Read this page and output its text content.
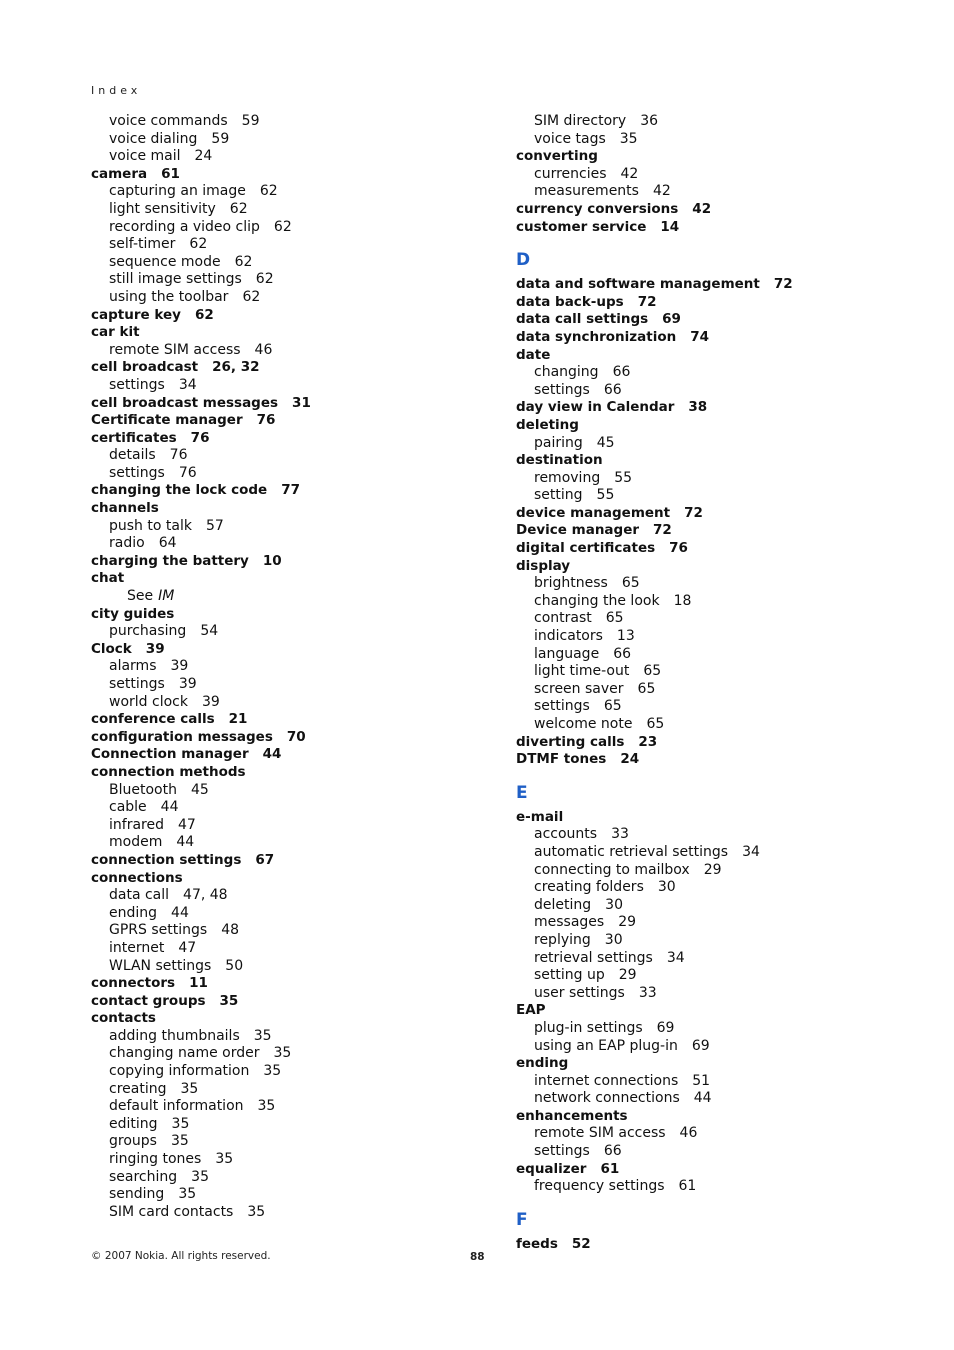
Index
voice commands 59
voice dialing 59
voice mail 24
camera 61
capturing an image 62
light sensitivity 62
recording a video clip 62
self-timer 62
sequence mode 62
still image settings 62
using the toolbar 62
capture key 62
car kit
remote SIM access 46
cell broadcast 26, 32
settings 34
cell broadcast messages 31
Certificate manager 76
certificates 76
details 76
settings 76
changing the lock code 77
channels
push to talk 57
radio 64
charging the battery 10
chat
See IM
city guides
purchasing 54
Clock 39
alarms 39
settings 39
world clock 39
conference calls 21
configuration messages 70
Connection manager 44
connection methods
Bluetooth 45
cable 44
infrared 47
modem 44
connection settings 67
connections
data call 47, 48
ending 44
GPRS settings 48
internet 47
WLAN settings 50
connectors 11
contact groups 35
contacts
adding thumbnails 35
changing name order 35
copying information 35
creating 35
default information 35
editing 35
groups 35
ringing tones 35
searching 35
sending 35
SIM card contacts 35
SIM directory 36
voice tags 35
converting
currencies 42
measurements 42
currency conversions 42
customer service 14
D
data and software management 72
data back-ups 72
data call settings 69
data synchronization 74
date
changing 66
settings 66
day view in Calendar 38
deleting
pairing 45
destination
removing 55
setting 55
device management 72
Device manager 72
digital certificates 76
display
brightness 65
changing the look 18
contrast 65
indicators 13
language 66
light time-out 65
screen saver 65
settings 65
welcome note 65
diverting calls 23
DTMF tones 24
E
e-mail
accounts 33
automatic retrieval settings 34
connecting to mailbox 29
creating folders 30
deleting 30
messages 29
replying 30
retrieval settings 34
setting up 29
user settings 33
EAP
plug-in settings 69
using an EAP plug-in 69
ending
internet connections 51
network connections 44
enhancements
remote SIM access 46
settings 66
equalizer 61
frequency settings 61
F
feeds 52
© 2007 Nokia. All rights reserved.	88
